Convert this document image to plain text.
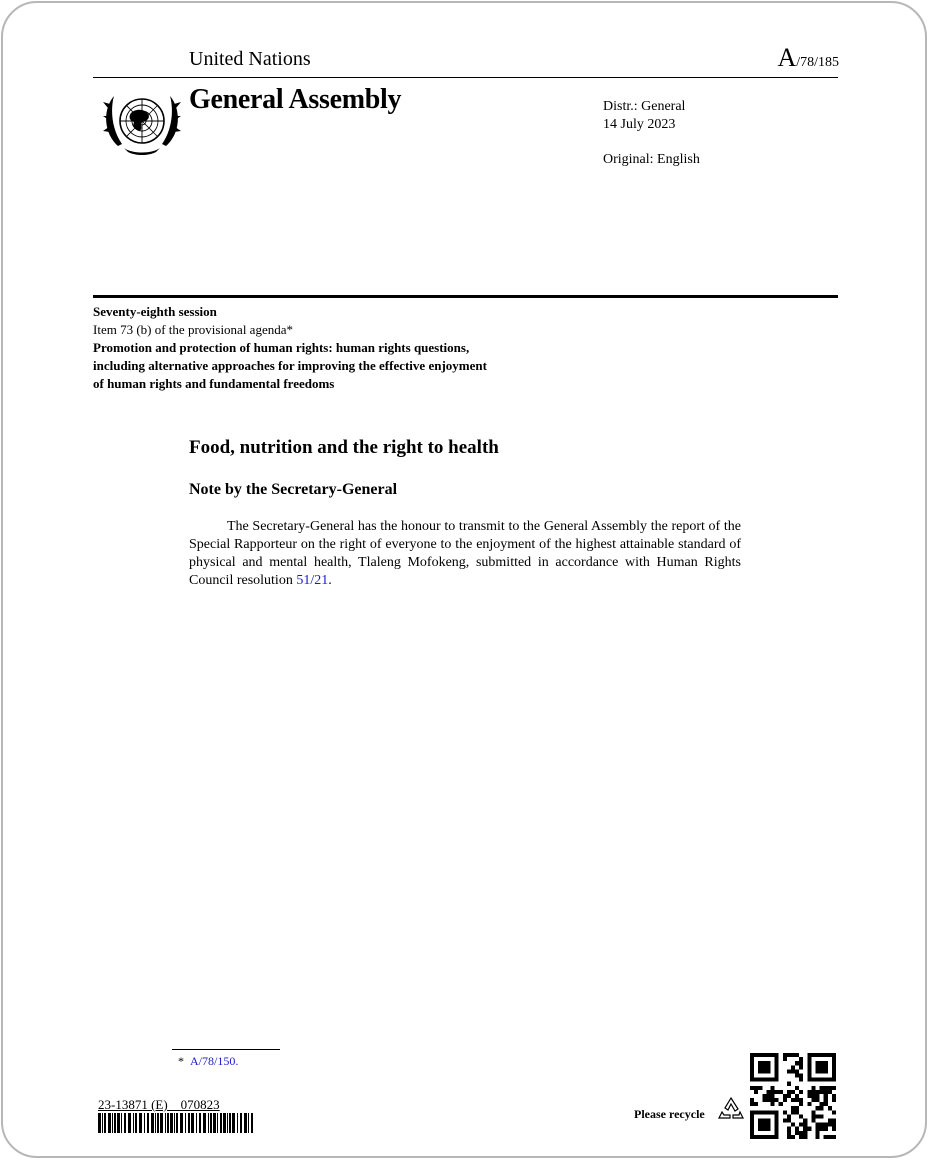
United Nations	A/78/185
General Assembly	Distr.: General
14 July 2023
Original: English
Seventy-eighth session
Item 73 (b) of the provisional agenda*
Promotion and protection of human rights: human rights questions, including alternative approaches for improving the effective enjoyment of human rights and fundamental freedoms
Food, nutrition and the right to health
Note by the Secretary-General
The Secretary-General has the honour to transmit to the General Assembly the report of the Special Rapporteur on the right of everyone to the enjoyment of the highest attainable standard of physical and mental health, Tlaleng Mofokeng, submitted in accordance with Human Rights Council resolution 51/21.
* A/78/150.
23-13871 (E)    070823
Please recycle
